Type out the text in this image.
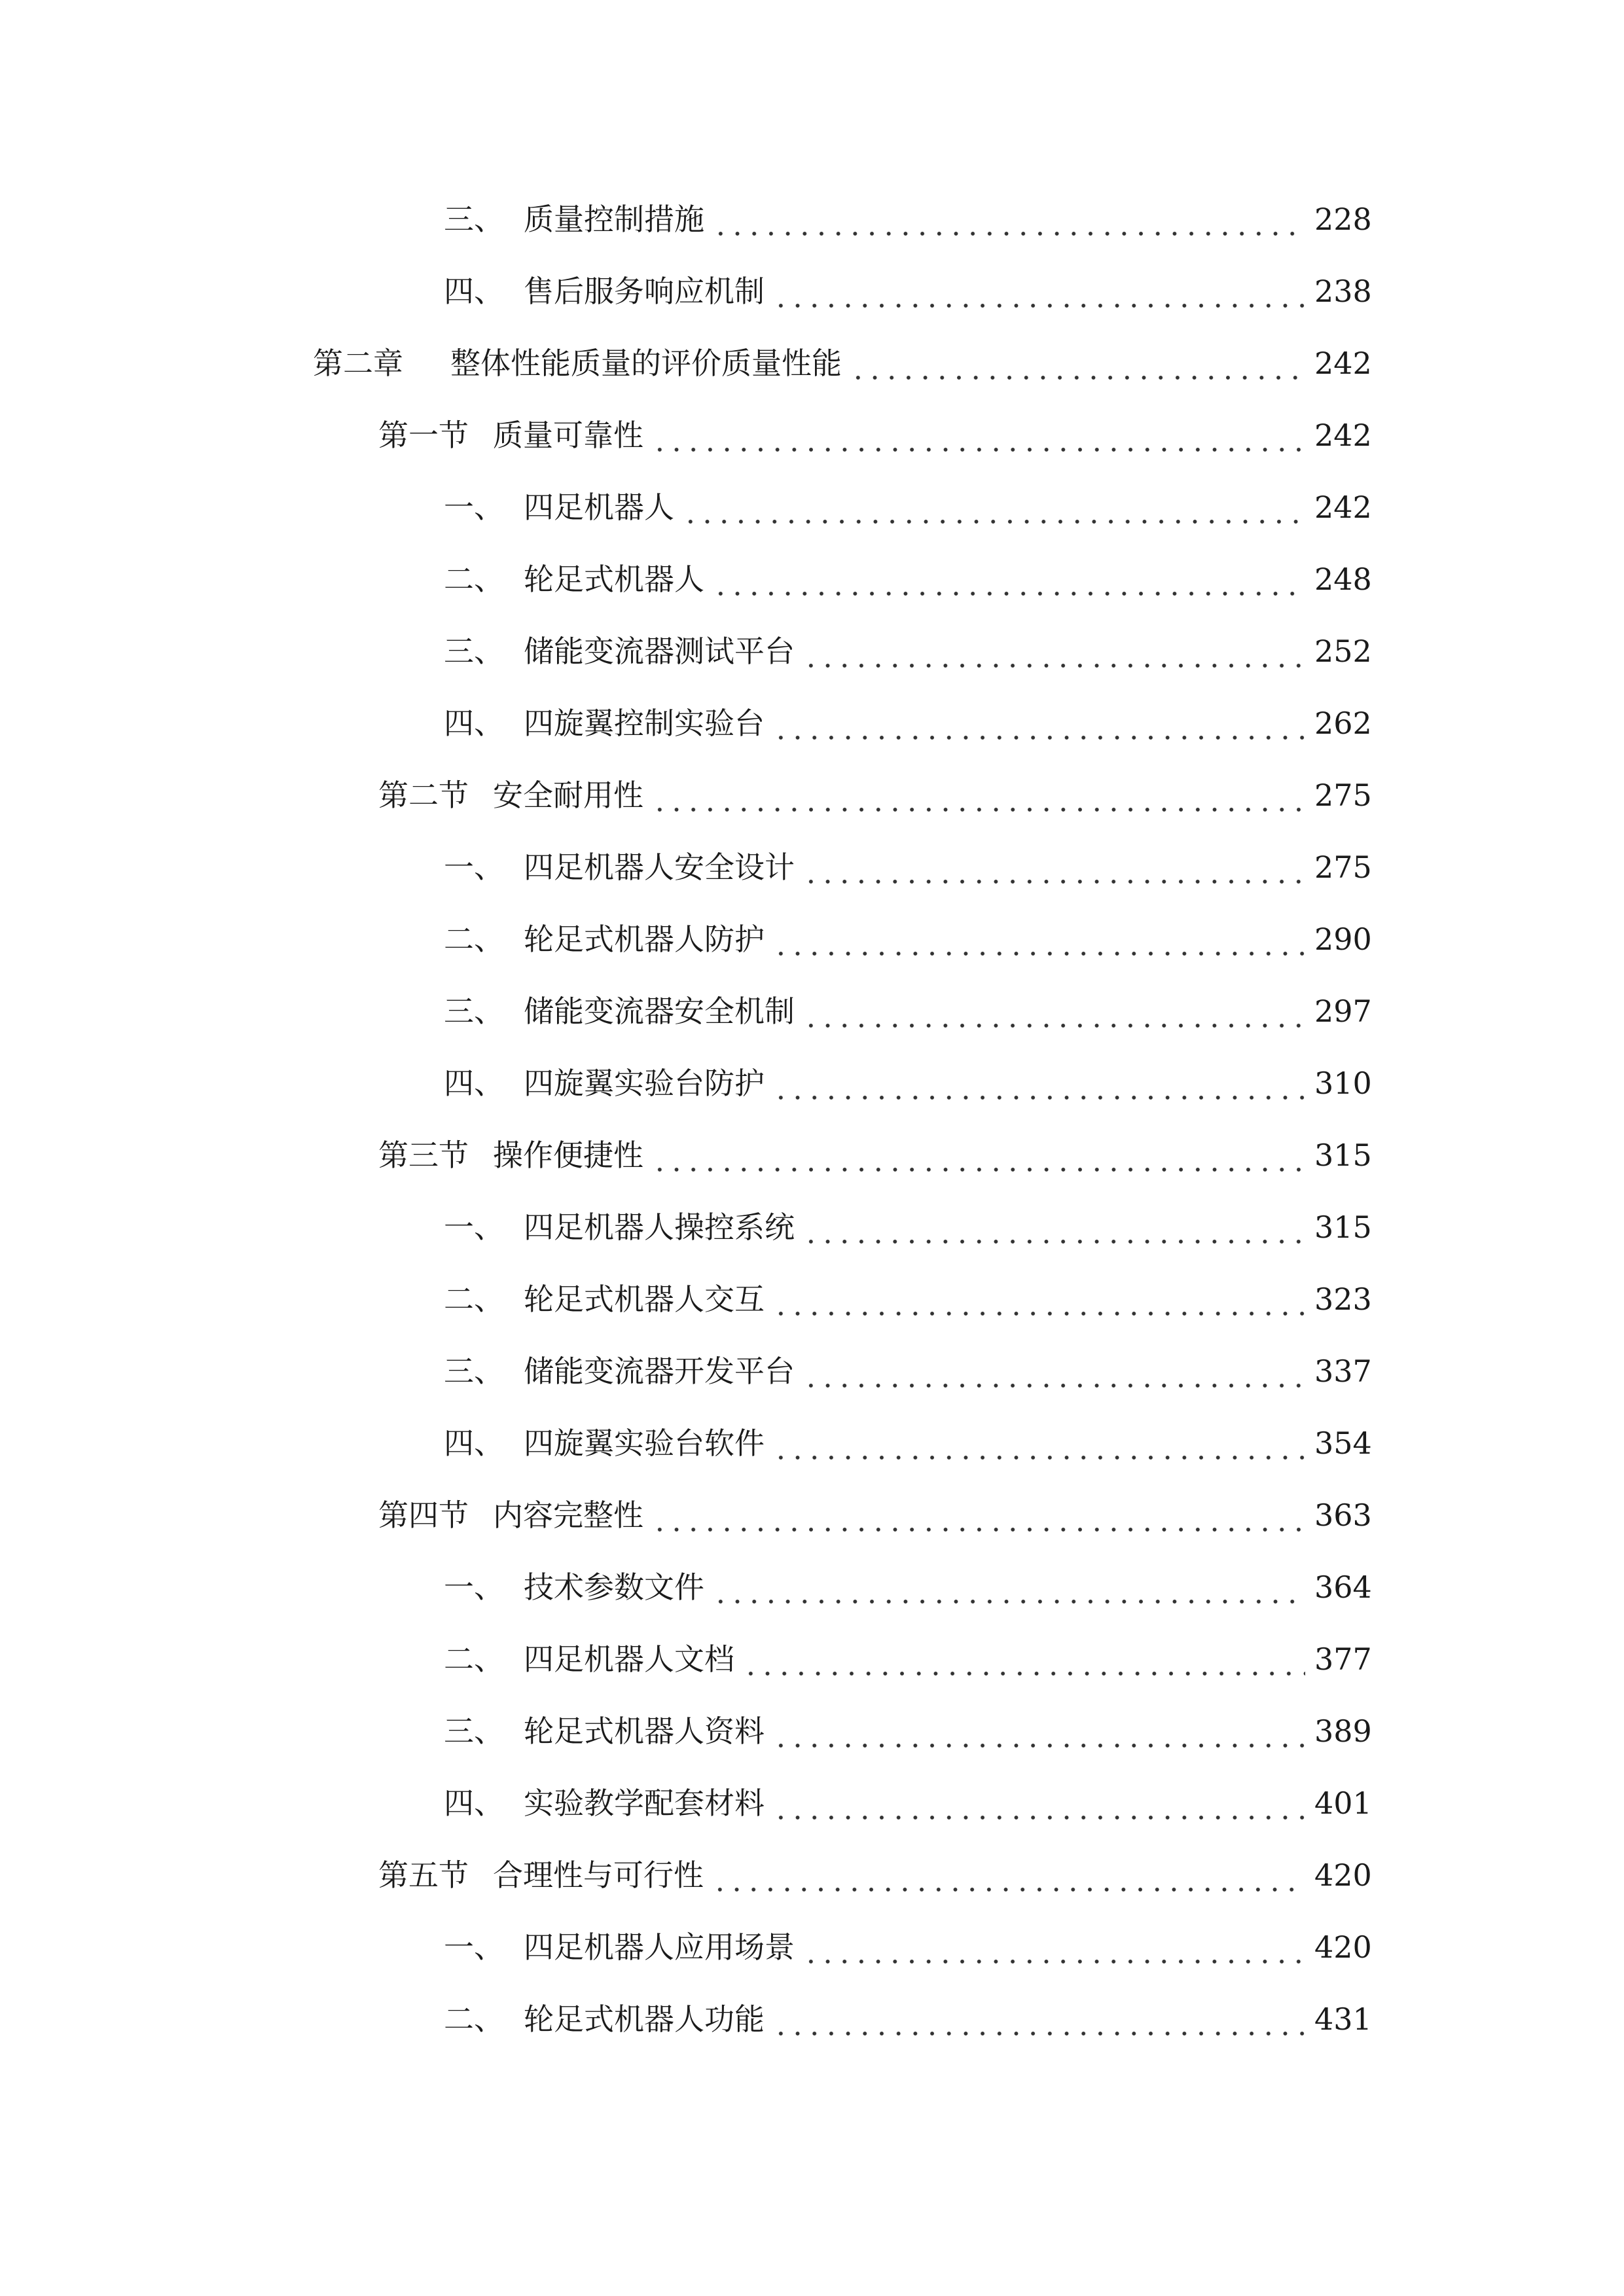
三、 质量控制措施	228
四、 售后服务响应机制	238
第二章	整体性能质量的评价质量性能	242
第一节 质量可靠性	242
一、 四足机器人	242
二、 轮足式机器人	248
三、 储能变流器测试平台	252
四、 四旋翼控制实验台	262
第二节 安全耐用性	275
一、 四足机器人安全设计	275
二、 轮足式机器人防护	290
三、 储能变流器安全机制	297
四、 四旋翼实验台防护	310
第三节 操作便捷性	315
一、 四足机器人操控系统	315
二、 轮足式机器人交互	323
三、 储能变流器开发平台	337
四、 四旋翼实验台软件	354
第四节 内容完整性	363
一、 技术参数文件	364
二、 四足机器人文档	377
三、 轮足式机器人资料	389
四、 实验教学配套材料	401
第五节 合理性与可行性	420
一、 四足机器人应用场景	420
二、 轮足式机器人功能	431
